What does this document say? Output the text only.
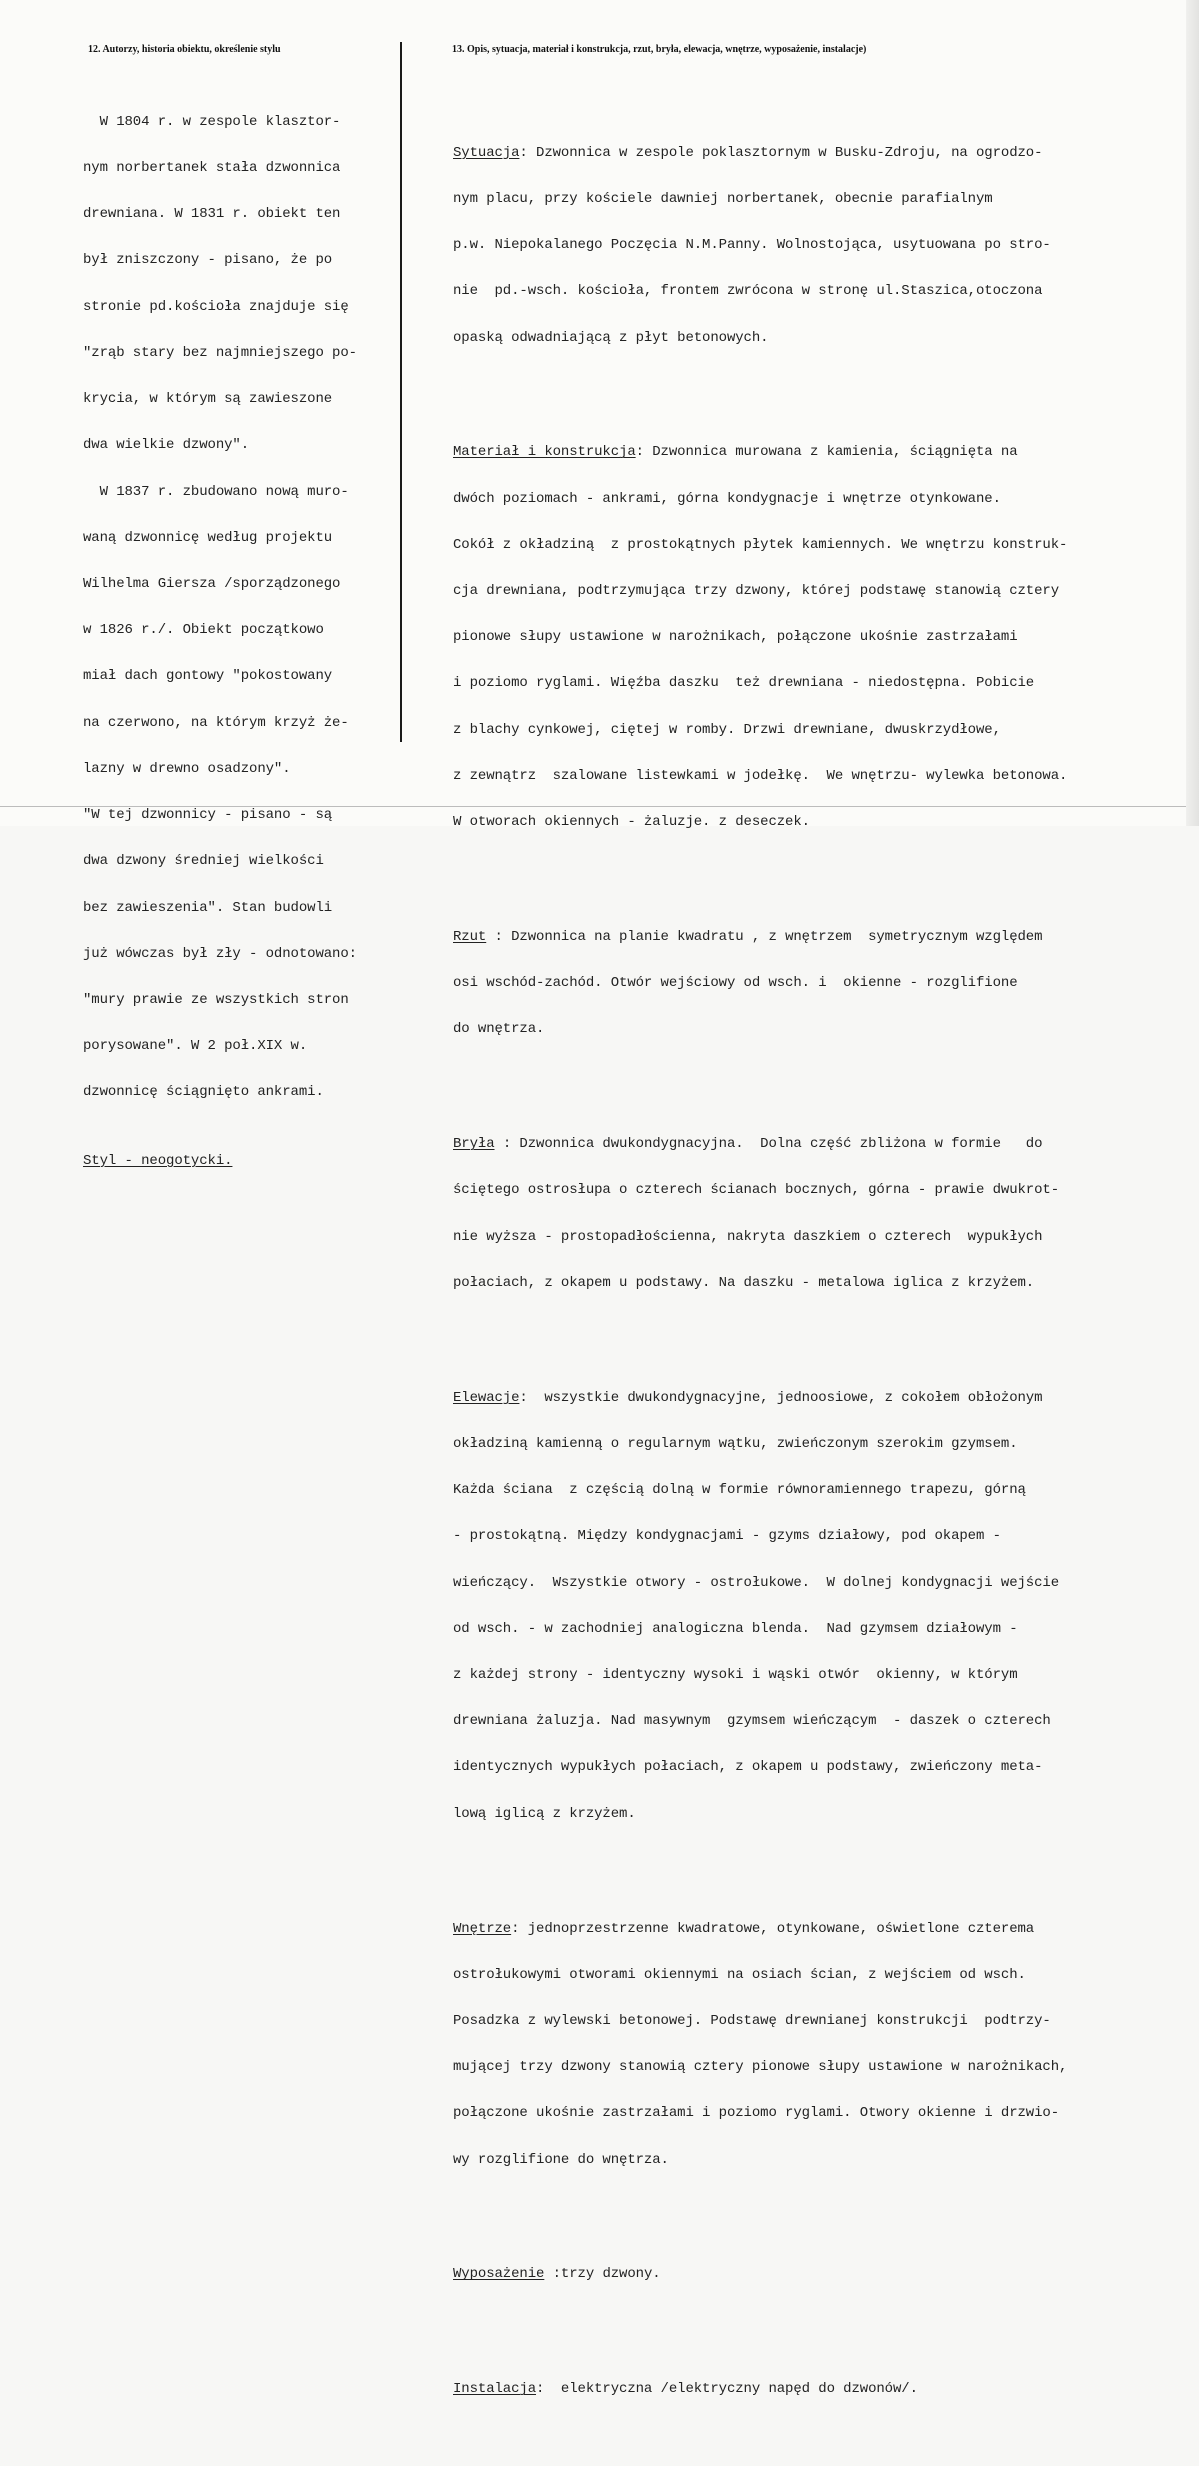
12. Autorzy, historia obiektu, określenie stylu	13. Opis, sytuacja, materiał i konstrukcja, rzut, bryła, elewacja, wnętrze, wyposażenie, instalacje)

W 1804 r. w zespole klasztor-

nym norbertanek stała dzwonnica

drewniana. W 1831 r. obiekt ten

był zniszczony - pisano, że po

stronie pd.kościoła znajduje się

"zrąb stary bez najmniejszego po-

krycia, w którym są zawieszone

dwa wielkie dzwony".

W 1837 r. zbudowano nową muro-

waną dzwonnicę według projektu

Wilhelma Giersza /sporządzonego

w 1826 r./. Obiekt początkowo

miał dach gontowy "pokostowany

na czerwono, na którym krzyż że-

lazny w drewno osadzony".

"W tej dzwonnicy - pisano - są

dwa dzwony średniej wielkości

bez zawieszenia". Stan budowli

już wówczas był zły - odnotowano:

"mury prawie ze wszystkich stron

porysowane". W 2 poł.XIX w.

dzwonnicę ściągnięto ankrami.

Styl - neogotycki.

Sytuacja: Dzwonnica w zespole poklasztornym w Busku-Zdroju, na ogrodzo-

nym placu, przy kościele dawniej norbertanek, obecnie parafialnym

p.w. Niepokalanego Poczęcia N.M.Panny. Wolnostojąca, usytuowana po stro-

nie  pd.-wsch. kościoła, frontem zwrócona w stronę ul.Staszica,otoczona

opaską odwadniającą z płyt betonowych.

Materiał i konstrukcja: Dzwonnica murowana z kamienia, ściągnięta na

dwóch poziomach - ankrami, górna kondygnacje i wnętrze otynkowane.

Cokół z okładziną  z prostokątnych płytek kamiennych. We wnętrzu konstruk-

cja drewniana, podtrzymująca trzy dzwony, której podstawę stanowią cztery

pionowe słupy ustawione w narożnikach, połączone ukośnie zastrzałami

i poziomo ryglami. Więźba daszku  też drewniana - niedostępna. Pobicie

z blachy cynkowej, ciętej w romby. Drzwi drewniane, dwuskrzydłowe,

z zewnątrz  szalowane listewkami w jodełkę.  We wnętrzu- wylewka betonowa.

W otworach okiennych - żaluzje. z deseczek.

Rzut : Dzwonnica na planie kwadratu , z wnętrzem  symetrycznym względem

osi wschód-zachód. Otwór wejściowy od wsch. i  okienne - rozglifione

do wnętrza.

Bryła : Dzwonnica dwukondygnacyjna.  Dolna część zbliżona w formie   do

ściętego ostrosłupa o czterech ścianach bocznych, górna - prawie dwukrot-

nie wyższa - prostopadłościenna, nakryta daszkiem o czterech  wypukłych

połaciach, z okapem u podstawy. Na daszku - metalowa iglica z krzyżem.

Elewacje:  wszystkie dwukondygnacyjne, jednoosiowe, z cokołem obłożonym

okładziną kamienną o regularnym wątku, zwieńczonym szerokim gzymsem.

Każda ściana  z częścią dolną w formie równoramiennego trapezu, górną

- prostokątną. Między kondygnacjami - gzyms działowy, pod okapem -

wieńczący.  Wszystkie otwory - ostrołukowe.  W dolnej kondygnacji wejście

od wsch. - w zachodniej analogiczna blenda.  Nad gzymsem działowym -

z każdej strony - identyczny wysoki i wąski otwór  okienny, w którym

drewniana żaluzja. Nad masywnym  gzymsem wieńczącym  - daszek o czterech

identycznych wypukłych połaciach, z okapem u podstawy, zwieńczony meta-

lową iglicą z krzyżem.

Wnętrze: jednoprzestrzenne kwadratowe, otynkowane, oświetlone czterema

ostrołukowymi otworami okiennymi na osiach ścian, z wejściem od wsch.

Posadzka z wylewski betonowej. Podstawę drewnianej konstrukcji  podtrzy-

mującej trzy dzwony stanowią cztery pionowe słupy ustawione w narożnikach,

połączone ukośnie zastrzałami i poziomo ryglami. Otwory okienne i drzwio-

wy rozglifione do wnętrza.

Wyposażenie :trzy dzwony.

Instalacja:  elektryczna /elektryczny napęd do dzwonów/.
